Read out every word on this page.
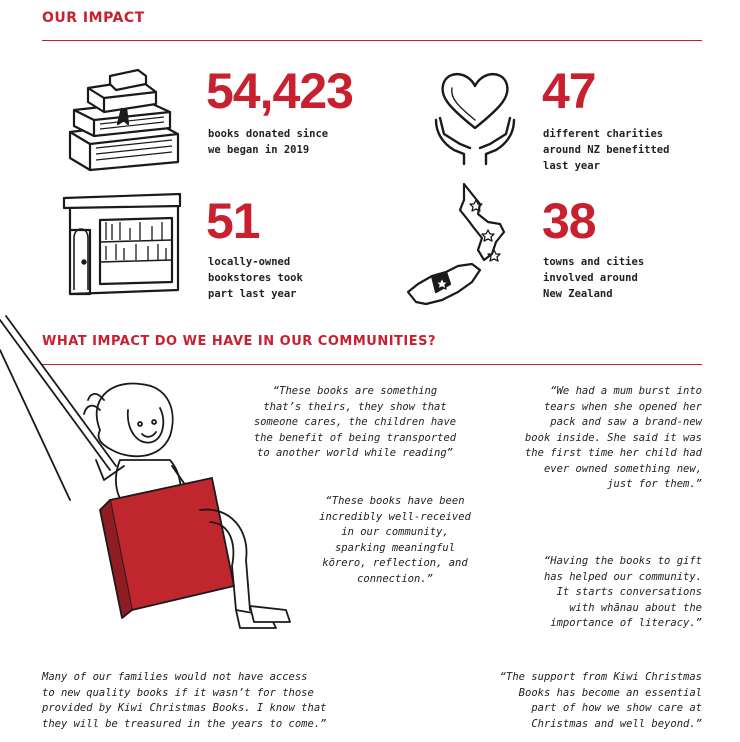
OUR IMPACT
54,423
books donated since
we began in 2019
47
different charities
around NZ benefitted
last year
51
locally-owned
bookstores took
part last year
38
towns and cities
involved around
New Zealand
WHAT IMPACT DO WE HAVE IN OUR COMMUNITIES?
“These books are something
that’s theirs, they show that
someone cares, the children have
the benefit of being transported
to another world while reading”
“We had a mum burst into
tears when she opened her
pack and saw a brand-new
book inside. She said it was
the first time her child had
ever owned something new,
just for them.”
“These books have been
incredibly well-received
in our community,
sparking meaningful
kōrero, reflection, and
connection.”
“Having the books to gift
has helped our community.
It starts conversations
with whānau about the
importance of literacy.”
Many of our families would not have access
to new quality books if it wasn’t for those
provided by Kiwi Christmas Books. I know that
they will be treasured in the years to come.”
“The support from Kiwi Christmas
Books has become an essential
part of how we show care at
Christmas and well beyond.”
